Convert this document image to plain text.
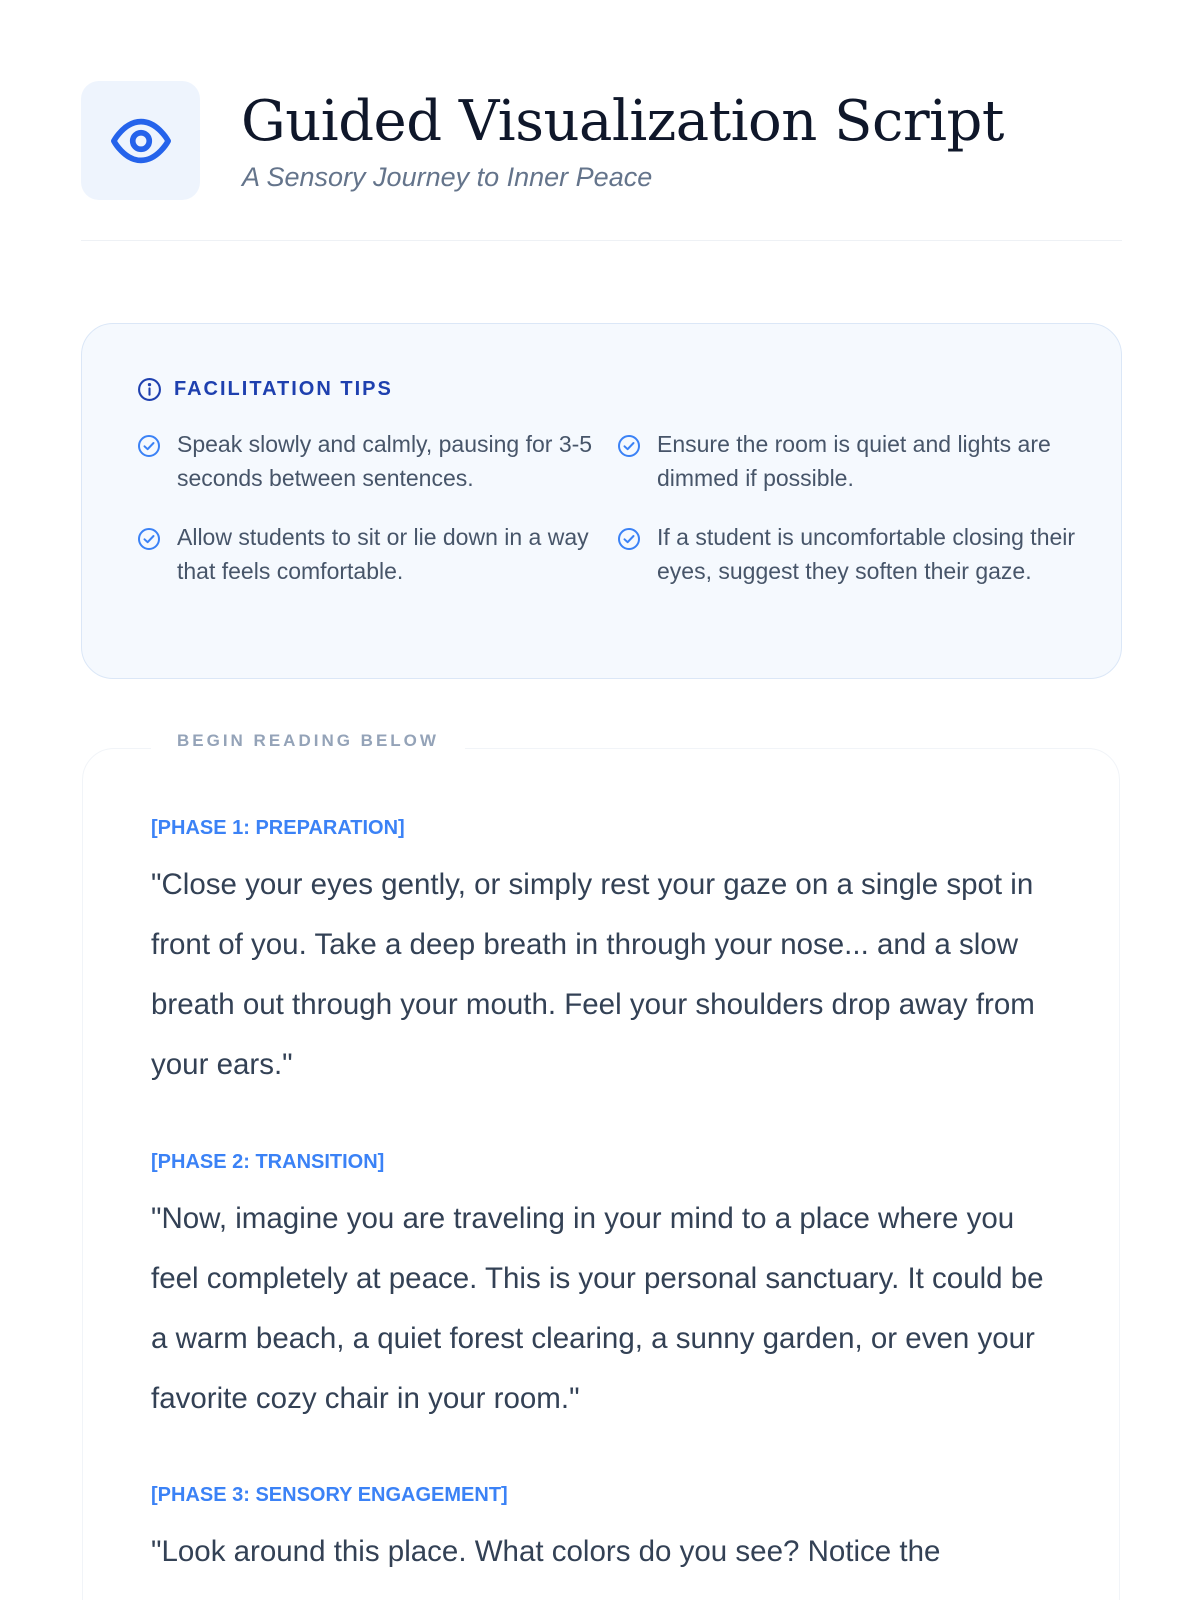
Guided Visualization Script
A Sensory Journey to Inner Peace
FACILITATION TIPS
Speak slowly and calmly, pausing for 3-5 seconds between sentences.
Ensure the room is quiet and lights are dimmed if possible.
Allow students to sit or lie down in a way that feels comfortable.
If a student is uncomfortable closing their eyes, suggest they soften their gaze.
BEGIN READING BELOW
[PHASE 1: PREPARATION]
"Close your eyes gently, or simply rest your gaze on a single spot in front of you. Take a deep breath in through your nose... and a slow breath out through your mouth. Feel your shoulders drop away from your ears."
[PHASE 2: TRANSITION]
"Now, imagine you are traveling in your mind to a place where you feel completely at peace. This is your personal sanctuary. It could be a warm beach, a quiet forest clearing, a sunny garden, or even your favorite cozy chair in your room."
[PHASE 3: SENSORY ENGAGEMENT]
"Look around this place. What colors do you see? Notice the
